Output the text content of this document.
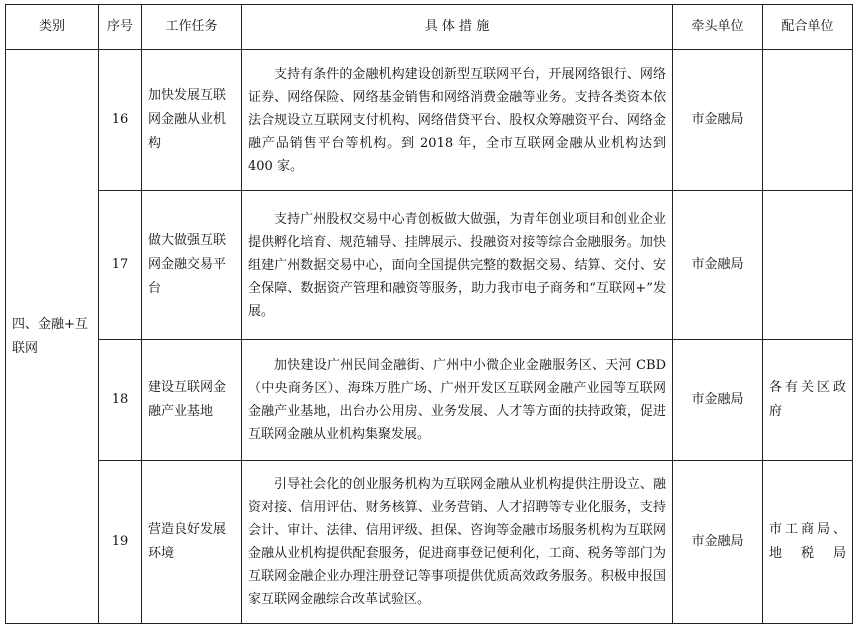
类别	序号	工作任务	具 体 措 施	牵头单位	配合单位
四、金融+互联网	16	加快发展互联网金融从业机构	支持有条件的金融机构建设创新型互联网平台，开展网络银行、网络证券、网络保险、网络基金销售和网络消费金融等业务。支持各类资本依法合规设立互联网支付机构、网络借贷平台、股权众筹融资平台、网络金融产品销售平台等机构。到 2018 年，全市互联网金融从业机构达到 400 家。	市金融局	
	17	做大做强互联网金融交易平台	支持广州股权交易中心青创板做大做强，为青年创业项目和创业企业提供孵化培育、规范辅导、挂牌展示、投融资对接等综合金融服务。加快组建广州数据交易中心，面向全国提供完整的数据交易、结算、交付、安全保障、数据资产管理和融资等服务，助力我市电子商务和“互联网+”发展。	市金融局	
	18	建设互联网金融产业基地	加快建设广州民间金融街、广州中小微企业金融服务区、天河 CBD（中央商务区）、海珠万胜广场、广州开发区互联网金融产业园等互联网金融产业基地，出台办公用房、业务发展、人才等方面的扶持政策，促进互联网金融从业机构集聚发展。	市金融局	各有关区政府
	19	营造良好发展环境	引导社会化的创业服务机构为互联网金融从业机构提供注册设立、融资对接、信用评估、财务核算、业务营销、人才招聘等专业化服务，支持会计、审计、法律、信用评级、担保、咨询等金融市场服务机构为互联网金融从业机构提供配套服务，促进商事登记便利化，工商、税务等部门为互联网金融企业办理注册登记等事项提供优质高效政务服务。积极申报国家互联网金融综合改革试验区。	市金融局	市工商局、地税局
